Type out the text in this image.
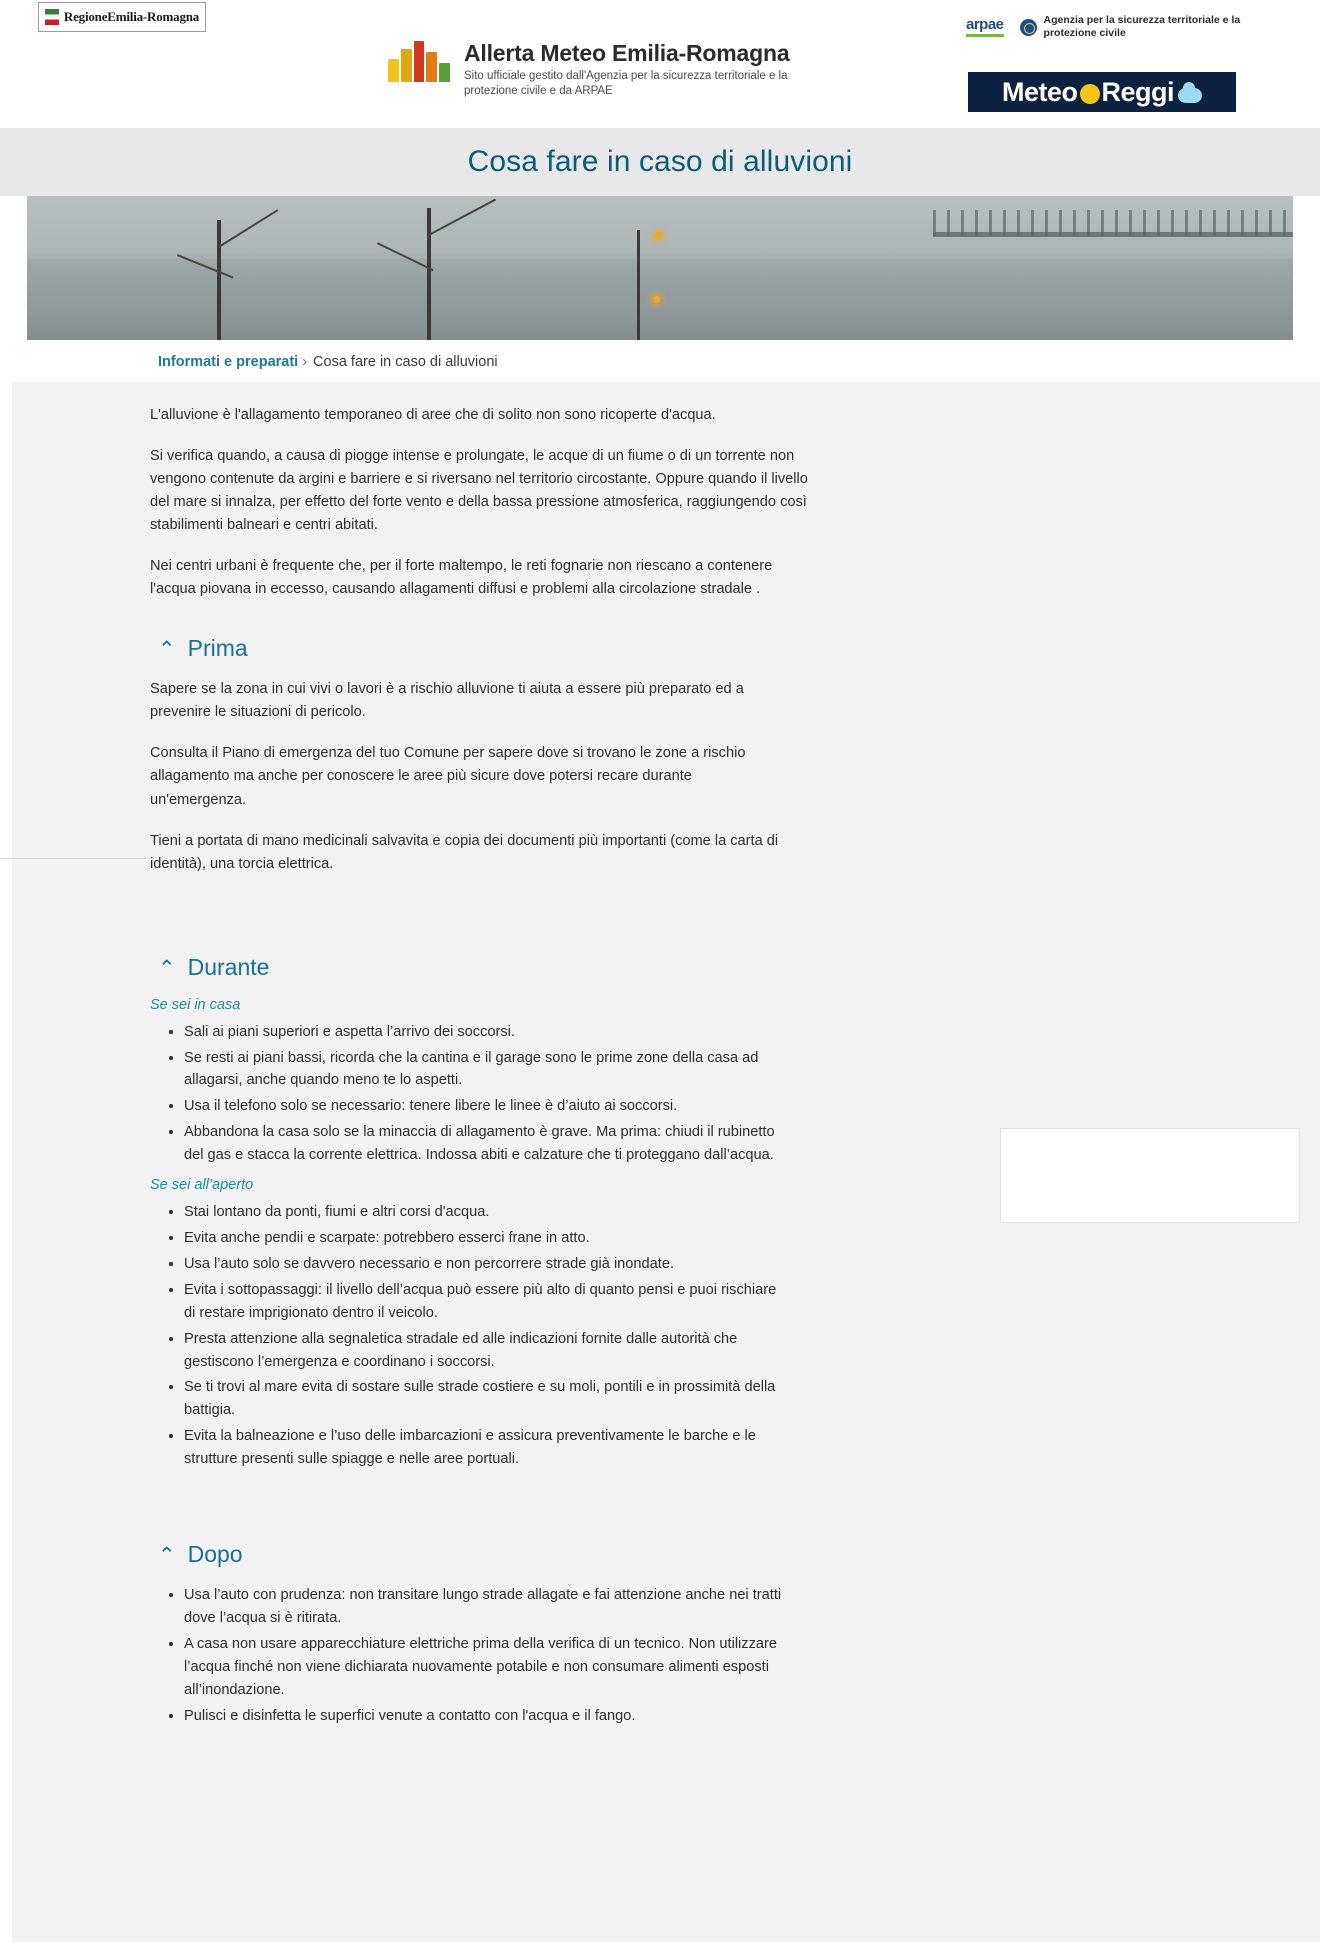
RegioneEmilia-Romagna
Allerta Meteo Emilia-Romagna
Sito ufficiale gestito dall'Agenzia per la sicurezza territoriale e la protezione civile e da ARPAE
arpae	Agenzia per la sicurezza territoriale e la protezione civile
Meteo Reggi
Cosa fare in caso di alluvioni
Informati e preparati › Cosa fare in caso di alluvioni

L'alluvione è l'allagamento temporaneo di aree che di solito non sono ricoperte d'acqua.

Si verifica quando, a causa di piogge intense e prolungate, le acque di un fiume o di un torrente non vengono contenute da argini e barriere e si riversano nel territorio circostante. Oppure quando il livello del mare si innalza, per effetto del forte vento e della bassa pressione atmosferica, raggiungendo così stabilimenti balneari e centri abitati.

Nei centri urbani è frequente che, per il forte maltempo, le reti fognarie non riescano a contenere l'acqua piovana in eccesso, causando allagamenti diffusi e problemi alla circolazione stradale .

⌃ Prima

Sapere se la zona in cui vivi o lavori è a rischio alluvione ti aiuta a essere più preparato ed a prevenire le situazioni di pericolo.

Consulta il Piano di emergenza del tuo Comune per sapere dove si trovano le zone a rischio allagamento ma anche per conoscere le aree più sicure dove potersi recare durante un'emergenza.

Tieni a portata di mano medicinali salvavita e copia dei documenti più importanti (come la carta di identità), una torcia elettrica.

⌃ Durante
Se sei in casa
• Sali ai piani superiori e aspetta l’arrivo dei soccorsi.
• Se resti ai piani bassi, ricorda che la cantina e il garage sono le prime zone della casa ad allagarsi, anche quando meno te lo aspetti.
• Usa il telefono solo se necessario: tenere libere le linee è d’aiuto ai soccorsi.
• Abbandona la casa solo se la minaccia di allagamento è grave. Ma prima: chiudi il rubinetto del gas e stacca la corrente elettrica. Indossa abiti e calzature che ti proteggano dall’acqua.
Se sei all’aperto
• Stai lontano da ponti, fiumi e altri corsi d'acqua.
• Evita anche pendii e scarpate: potrebbero esserci frane in atto.
• Usa l’auto solo se davvero necessario e non percorrere strade già inondate.
• Evita i sottopassaggi: il livello dell’acqua può essere più alto di quanto pensi e puoi rischiare di restare imprigionato dentro il veicolo.
• Presta attenzione alla segnaletica stradale ed alle indicazioni fornite dalle autorità che gestiscono l’emergenza e coordinano i soccorsi.
• Se ti trovi al mare evita di sostare sulle strade costiere e su moli, pontili e in prossimità della battigia.
• Evita la balneazione e l’uso delle imbarcazioni e assicura preventivamente le barche e le strutture presenti sulle spiagge e nelle aree portuali.
⌃ Dopo
• Usa l’auto con prudenza: non transitare lungo strade allagate e fai attenzione anche nei tratti dove l’acqua si è ritirata.
• A casa non usare apparecchiature elettriche prima della verifica di un tecnico. Non utilizzare l’acqua finché non viene dichiarata nuovamente potabile e non consumare alimenti esposti all’inondazione.
• Pulisci e disinfetta le superfici venute a contatto con l'acqua e il fango.
